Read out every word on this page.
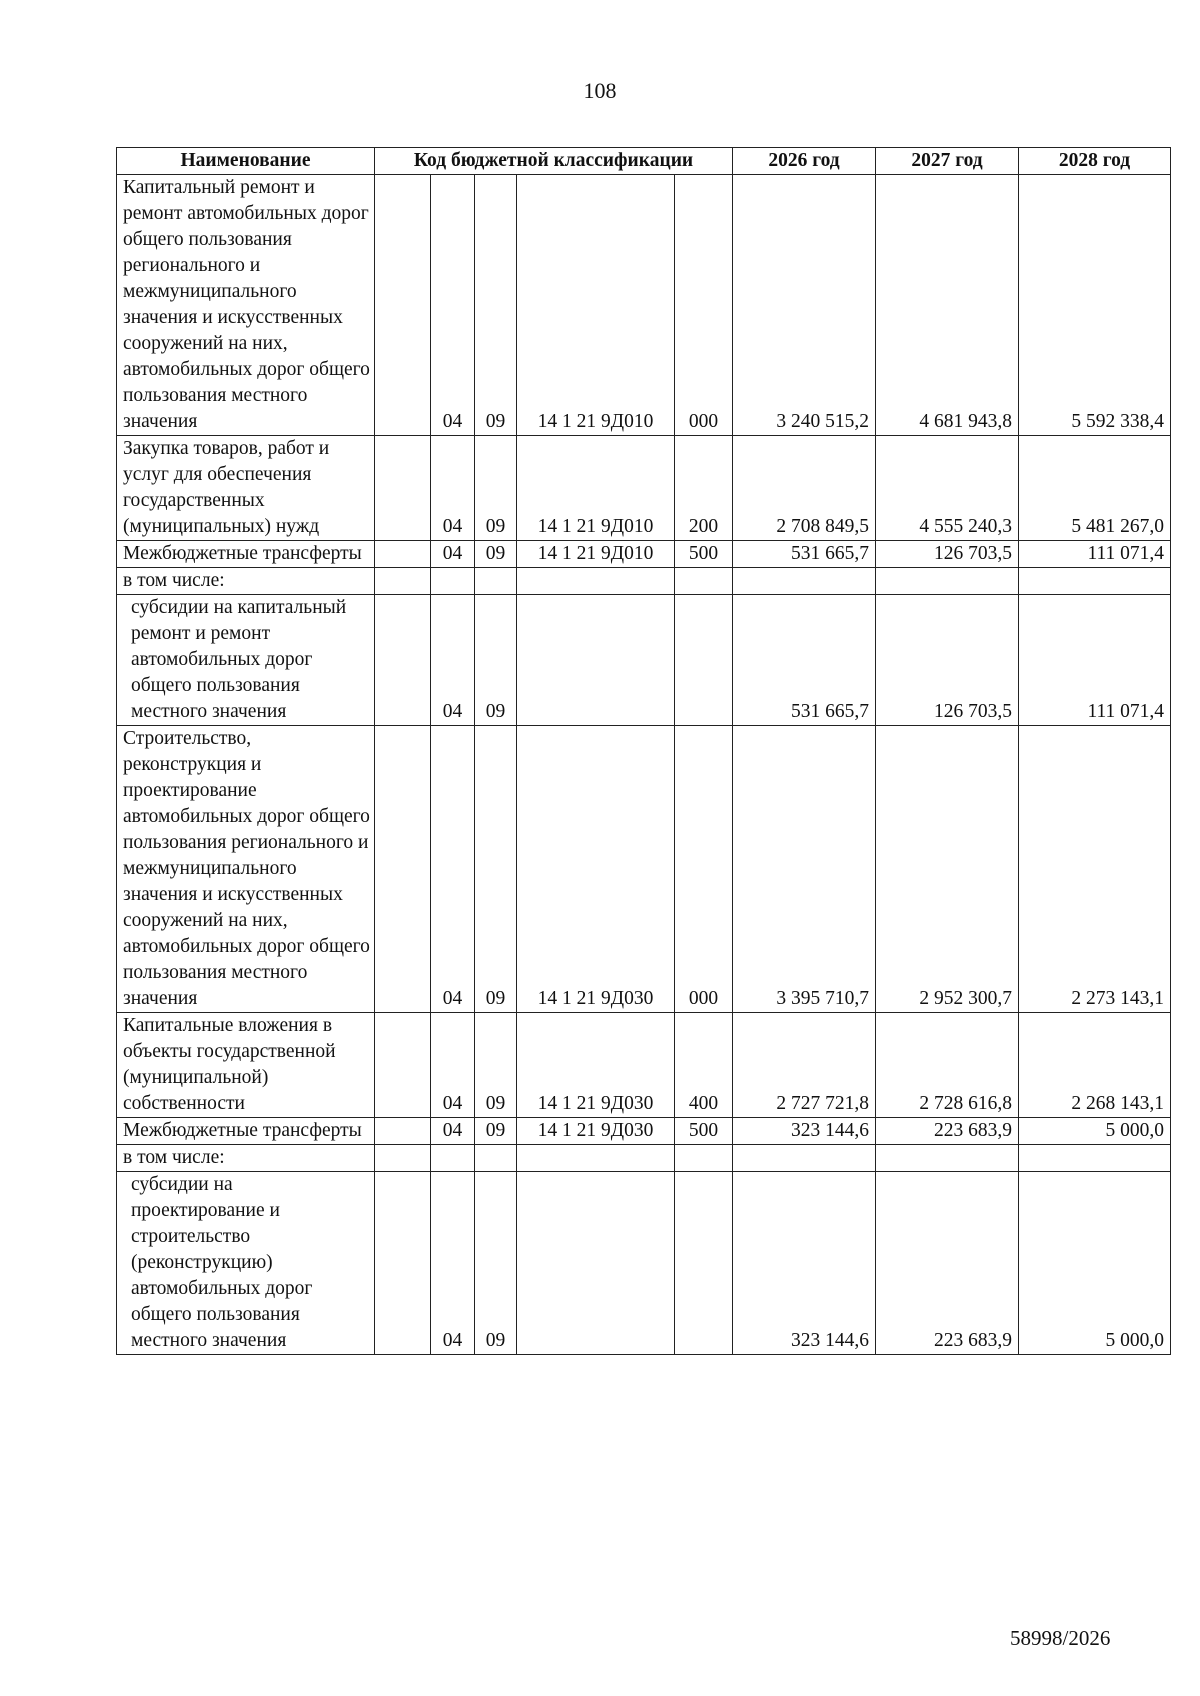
108
Наименование	Код бюджетной классификации					2026 год	2027 год	2028 год
Капитальный ремонт и ремонт автомобильных дорог общего пользования регионального и межмуниципального значения и искусственных сооружений на них, автомобильных дорог общего пользования местного значения		04	09	14 1 21 9Д010	000	3 240 515,2	4 681 943,8	5 592 338,4
Закупка товаров, работ и услуг для обеспечения государственных (муниципальных) нужд		04	09	14 1 21 9Д010	200	2 708 849,5	4 555 240,3	5 481 267,0
Межбюджетные трансферты		04	09	14 1 21 9Д010	500	531 665,7	126 703,5	111 071,4
в том числе:								
субсидии на капитальный ремонт и ремонт автомобильных дорог общего пользования местного значения		04	09			531 665,7	126 703,5	111 071,4
Строительство, реконструкция и проектирование автомобильных дорог общего пользования регионального и межмуниципального значения и искусственных сооружений на них, автомобильных дорог общего пользования местного значения		04	09	14 1 21 9Д030	000	3 395 710,7	2 952 300,7	2 273 143,1
Капитальные вложения в объекты государственной (муниципальной) собственности		04	09	14 1 21 9Д030	400	2 727 721,8	2 728 616,8	2 268 143,1
Межбюджетные трансферты		04	09	14 1 21 9Д030	500	323 144,6	223 683,9	5 000,0
в том числе:								
субсидии на проектирование и строительство (реконструкцию) автомобильных дорог общего пользования местного значения		04	09			323 144,6	223 683,9	5 000,0
58998/2026
